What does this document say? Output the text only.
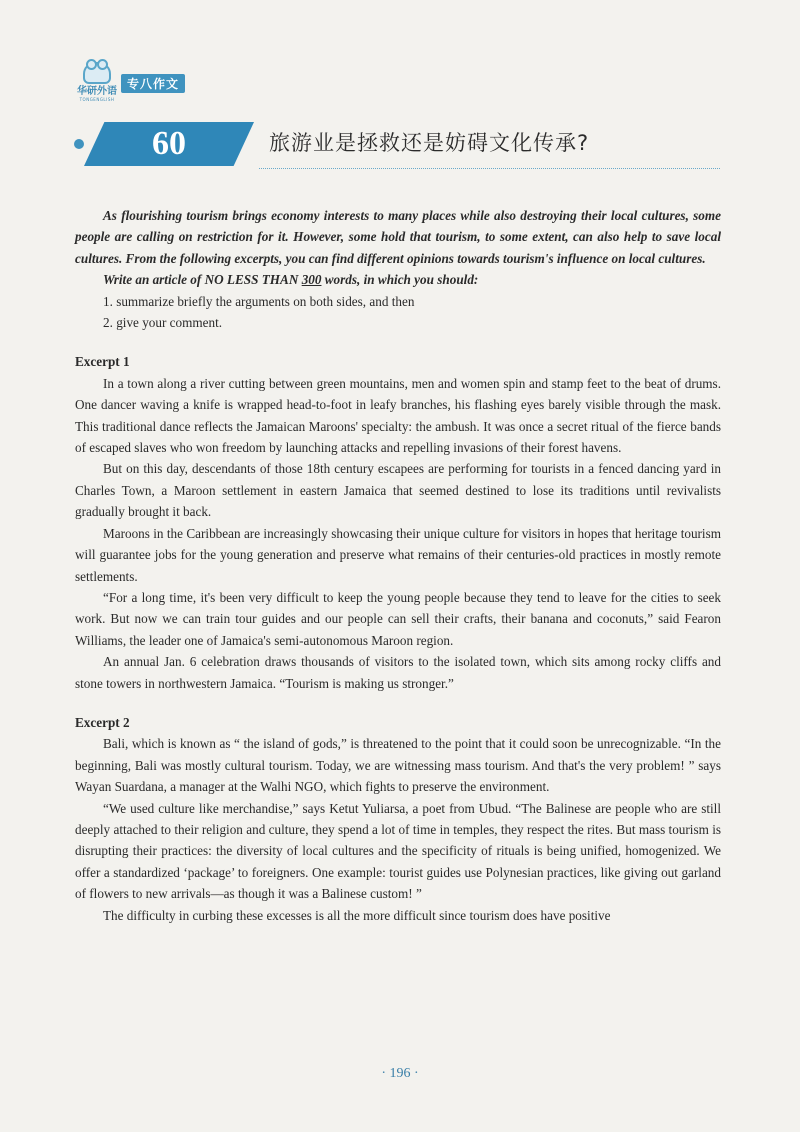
华研外语
TONGENGLISH
专八作文
60	旅游业是拯救还是妨碍文化传承?

As flourishing tourism brings economy interests to many places while also destroying their local cultures, some people are calling on restriction for it. However, some hold that tourism, to some extent, can also help to save local cultures. From the following excerpts, you can find different opinions towards tourism's influence on local cultures.

Write an article of NO LESS THAN 300 words, in which you should:

1. summarize briefly the arguments on both sides, and then

2. give your comment.

Excerpt 1

In a town along a river cutting between green mountains, men and women spin and stamp feet to the beat of drums. One dancer waving a knife is wrapped head-to-foot in leafy branches, his flashing eyes barely visible through the mask. This traditional dance reflects the Jamaican Maroons' specialty: the ambush. It was once a secret ritual of the fierce bands of escaped slaves who won freedom by launching attacks and repelling invasions of their forest havens.

But on this day, descendants of those 18th century escapees are performing for tourists in a fenced dancing yard in Charles Town, a Maroon settlement in eastern Jamaica that seemed destined to lose its traditions until revivalists gradually brought it back.

Maroons in the Caribbean are increasingly showcasing their unique culture for visitors in hopes that heritage tourism will guarantee jobs for the young generation and preserve what remains of their centuries-old practices in mostly remote settlements.

“For a long time, it's been very difficult to keep the young people because they tend to leave for the cities to seek work. But now we can train tour guides and our people can sell their crafts, their banana and coconuts,” said Fearon Williams, the leader one of Jamaica's semi-autonomous Maroon region.

An annual Jan. 6 celebration draws thousands of visitors to the isolated town, which sits among rocky cliffs and stone towers in northwestern Jamaica. “Tourism is making us stronger.”

Excerpt 2

Bali, which is known as “ the island of gods,” is threatened to the point that it could soon be unrecognizable. “In the beginning, Bali was mostly cultural tourism. Today, we are witnessing mass tourism. And that's the very problem! ” says Wayan Suardana, a manager at the Walhi NGO, which fights to preserve the environment.

“We used culture like merchandise,” says Ketut Yuliarsa, a poet from Ubud. “The Balinese are people who are still deeply attached to their religion and culture, they spend a lot of time in temples, they respect the rites. But mass tourism is disrupting their practices: the diversity of local cultures and the specificity of rituals is being unified, homogenized. We offer a standardized ‘package’ to foreigners. One example: tourist guides use Polynesian practices, like giving out garland of flowers to new arrivals—as though it was a Balinese custom! ”

The difficulty in curbing these excesses is all the more difficult since tourism does have positive

· 196 ·
